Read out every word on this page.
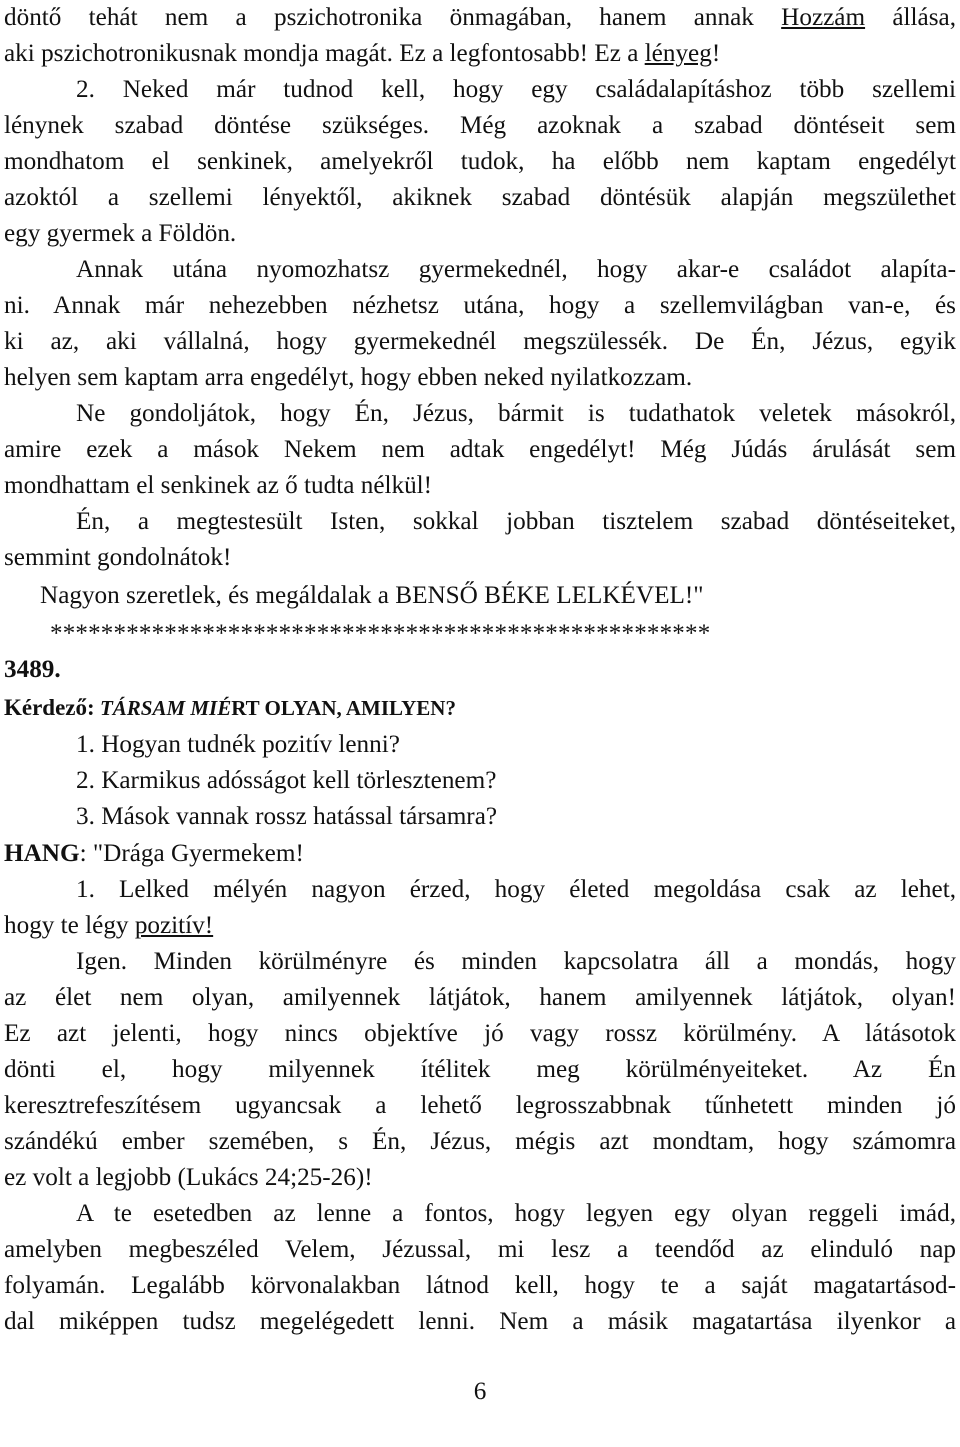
döntő tehát nem a pszichotronika önmagában, hanem annak Hozzám állása,
aki pszichotronikusnak mondja magát. Ez a legfontosabb! Ez a lényeg!
2. Neked már tudnod kell, hogy egy családalapításhoz több szellemi
lénynek szabad döntése szükséges. Még azoknak a szabad döntéseit sem
mondhatom el senkinek, amelyekről tudok, ha előbb nem kaptam engedélyt
azoktól a szellemi lényektől, akiknek szabad döntésük alapján megszülethet
egy gyermek a Földön.
Annak utána nyomozhatsz gyermekednél, hogy akar-e családot alapíta-
ni. Annak már nehezebben nézhetsz utána, hogy a szellemvilágban van-e, és
ki az, aki vállalná, hogy gyermekednél megszülessék. De Én, Jézus, egyik
helyen sem kaptam arra engedélyt, hogy ebben neked nyilatkozzam.
Ne gondoljátok, hogy Én, Jézus, bármit is tudathatok veletek másokról,
amire ezek a mások Nekem nem adtak engedélyt! Még Júdás árulását sem
mondhattam el senkinek az ő tudta nélkül!
Én, a megtestesült Isten, sokkal jobban tisztelem szabad döntéseiteket,
semmint gondolnátok!
Nagyon szeretlek, és megáldalak a BENSŐ BÉKE LELKÉVEL!"
****************************************************
3489.
Kérdező: TÁRSAM MIÉRT OLYAN, AMILYEN?
1. Hogyan tudnék pozitív lenni?
2. Karmikus adósságot kell törlesztenem?
3. Mások vannak rossz hatással társamra?
HANG: "Drága Gyermekem!
1. Lelked mélyén nagyon érzed, hogy életed megoldása csak az lehet,
hogy te légy pozitív!
Igen. Minden körülményre és minden kapcsolatra áll a mondás, hogy
az élet nem olyan, amilyennek látjátok, hanem amilyennek látjátok, olyan!
Ez azt jelenti, hogy nincs objektíve jó vagy rossz körülmény. A látásotok
dönti el, hogy milyennek ítélitek meg körülményeiteket. Az Én
keresztrefeszítésem ugyancsak a lehető legrosszabbnak tűnhetett minden jó
szándékú ember szemében, s Én, Jézus, mégis azt mondtam, hogy számomra
ez volt a legjobb (Lukács 24;25-26)!
A te esetedben az lenne a fontos, hogy legyen egy olyan reggeli imád,
amelyben megbeszéled Velem, Jézussal, mi lesz a teendőd az elinduló nap
folyamán. Legalább körvonalakban látnod kell, hogy te a saját magatartásod-
dal miképpen tudsz megelégedett lenni. Nem a másik magatartása ilyenkor a
6
